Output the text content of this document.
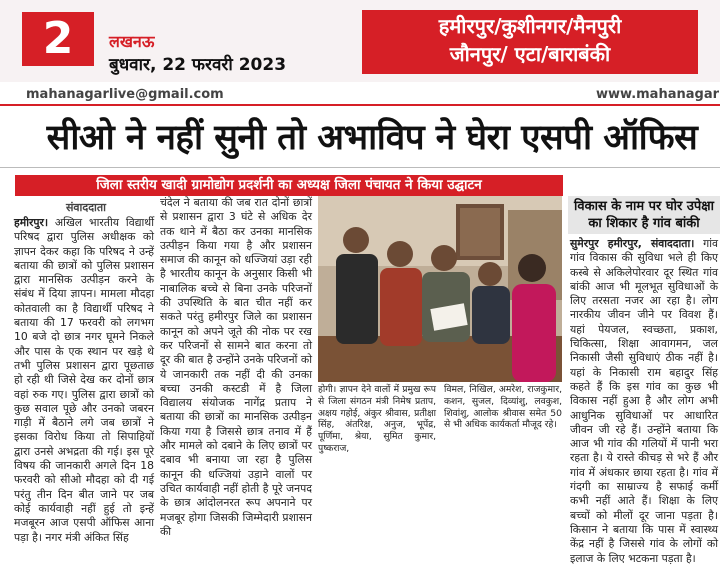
2	लखनऊ
बुधवार, 22 फरवरी 2023
हमीरपुर/कुशीनगर/मैनपुरी
जौनपुर/ एटा/बाराबंकी
mahanagarlive@gmail.com	www.mahanagar
सीओ ने नहीं सुनी तो अभाविप ने घेरा एसपी ऑफिस
जिला स्तरीय खादी ग्रामोद्योग प्रदर्शनी का अध्यक्ष जिला पंचायत ने किया उद्घाटन
संवाददाता
हमीरपुर। अखिल भारतीय विद्यार्थी परिषद द्वारा पुलिस अधीक्षक को ज्ञापन देकर कहा कि परिषद ने उन्हें बताया की छात्रों को पुलिस प्रशासन द्वारा मानसिक उत्पीड़न करने के संबंध में दिया ज्ञापन। मामला मौदहा कोतवाली का है विद्यार्थी परिषद ने बताया की 17 फरवरी को लगभग 10 बजे दो छात्र नगर घूमने निकले और पास के एक स्थान पर खड़े थे तभी पुलिस प्रशासन द्वारा पूछताछ हो रही थी जिसे देख कर दोनों छात्र वहां रुक गए। पुलिस द्वारा छात्रों को कुछ सवाल पूछे और उनको जबरन गाड़ी में बैठाने लगे जब छात्रों ने इसका विरोध किया तो सिपाहियों द्वारा उनसे अभद्रता की गई। इस पूरे विषय की जानकारी अगले दिन 18 फरवरी को सीओ मौदहा को दी गई परंतु तीन दिन बीत जाने पर जब कोई कार्यवाही नहीं हुई तो इन्हें मजबूरन आज एसपी ऑफिस आना पड़ा है। नगर मंत्री अंकित सिंह
चंदेल ने बताया की जब रात दोनों छात्रों से प्रशासन द्वारा 3 घंटे से अधिक देर तक थाने में बैठा कर उनका मानसिक उत्पीड़न किया गया है और प्रशासन समाज की कानून को धज्जियां उड़ा रही है भारतीय कानून के अनुसार किसी भी नाबालिक बच्चे से बिना उनके परिजनों की उपस्थिति के बात चीत नहीं कर सकते परंतु हमीरपुर जिले का प्रशासन कानून को अपने जूते की नोक पर रख कर परिजनों से सामने बात करना तो दूर की बात है उन्होंने उनके परिजनों को ये जानकारी तक नहीं दी की उनका बच्चा उनकी कस्टडी में है जिला विद्यालय संयोजक नागेंद्र प्रताप ने बताया की छात्रों का मानसिक उत्पीड़न किया गया है जिससे छात्र तनाव में हैं और मामले को दबाने के लिए छात्रों पर दबाव भी बनाया जा रहा है पुलिस कानून की धज्जियां उड़ाने वालों पर उचित कार्यवाही नहीं होती है पूरे जनपद के छात्र आंदोलनरत रूप अपनाने पर मजबूर होगा जिसकी जिम्मेदारी प्रशासन की
होगी। ज्ञापन देने वालों में प्रमुख रूप से जिला संगठन मंत्री निमेष प्रताप, अक्षय गहोई, अंकुर श्रीवास, प्रतीक्षा सिंह, अंतरिक्ष, अनुज, भूपेंद्र, पूर्णिमा, श्रेया, सुमित कुमार, पुष्कराज,
विमल, निखिल, अमरेश, राजकुमार, कशन, सुजल, दिव्यांशु, लवकुश, शिवांशु, आलोक श्रीवास समेत 50 से भी अधिक कार्यकर्ता मौजूद रहे।
विकास के नाम पर घोर उपेक्षा का शिकार है गांव बांकी
सुमेरपुर हमीरपुर, संवाददाता। गांव गांव विकास की सुविधा भले ही किए कस्बे से अकिलेपोरवार दूर स्थित गांव बांकी आज भी मूलभूत सुविधाओं के लिए तरसता नजर आ रहा है। लोग नारकीय जीवन जीने पर विवश हैं। यहां पेयजल, स्वच्छता, प्रकाश, चिकित्सा, शिक्षा आवागमन, जल निकासी जैसी सुविधाएं ठीक नहीं है। यहां के निकासी राम बहादुर सिंह कहते हैं कि इस गांव का कुछ भी विकास नहीं हुआ है और लोग अभी आधुनिक सुविधाओं पर आधारित जीवन जी रहे हैं। उन्होंने बताया कि आज भी गांव की गलियों में पानी भरा रहता है। ये रास्ते कीचड़ से भरे हैं और गांव में अंधकार छाया रहता है। गांव में गंदगी का साम्राज्य है सफाई कर्मी कभी नहीं आते हैं। शिक्षा के लिए बच्चों को मीलों दूर जाना पड़ता है। किसान ने बताया कि पास में स्वास्थ्य केंद्र नहीं है जिससे गांव के लोगों को इलाज के लिए भटकना पड़ता है।
